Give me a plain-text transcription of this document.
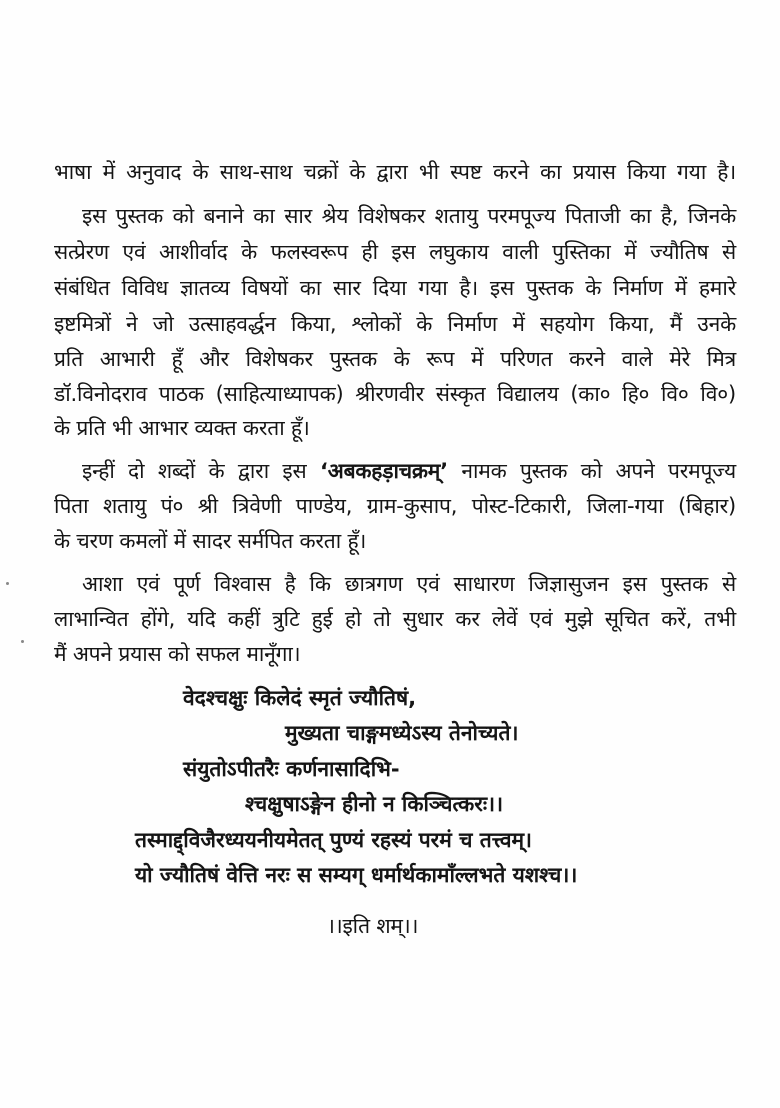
भाषा में अनुवाद के साथ-साथ चक्रों के द्वारा भी स्पष्ट करने का प्रयास किया गया है।
इस पुस्तक को बनाने का सार श्रेय विशेषकर शतायु परमपूज्य पिताजी का है, जिनके
सत्प्रेरण एवं आशीर्वाद के फलस्वरूप ही इस लघुकाय वाली पुस्तिका में ज्यौतिष से
संबंधित विविध ज्ञातव्य विषयों का सार दिया गया है। इस पुस्तक के निर्माण में हमारे
इष्टमित्रों ने जो उत्साहवर्द्धन किया, श्लोकों के निर्माण में सहयोग किया, मैं उनके
प्रति आभारी हूँ और विशेषकर पुस्तक के रूप में परिणत करने वाले मेरे मित्र
डॉ.विनोदराव पाठक (साहित्याध्यापक) श्रीरणवीर संस्कृत विद्यालय (का० हि० वि० वि०)
के प्रति भी आभार व्यक्त करता हूँ।
इन्हीं दो शब्दों के द्वारा इस ‘अबकहड़ाचक्रम्’ नामक पुस्तक को अपने परमपूज्य
पिता शतायु पं० श्री त्रिवेणी पाण्डेय, ग्राम-कुसाप, पोस्ट-टिकारी, जिला-गया (बिहार)
के चरण कमलों में सादर सर्मपित करता हूँ।
आशा एवं पूर्ण विश्वास है कि छात्रगण एवं साधारण जिज्ञासुजन इस पुस्तक से
लाभान्वित होंगे, यदि कहीं त्रुटि हुई हो तो सुधार कर लेवें एवं मुझे सूचित करें, तभी
मैं अपने प्रयास को सफल मानूँगा।
वेदश्चक्षुः किलेदं स्मृतं ज्यौतिषं,
मुख्यता चाङ्गमध्येऽस्य तेनोच्यते।
संयुतोऽपीतरैः कर्णनासादिभि-
श्चक्षुषाऽङ्गेन हीनो न किञ्चित्करः।।
तस्माद्द्विजैरध्ययनीयमेतत् पुण्यं रहस्यं परमं च तत्त्वम्।
यो ज्यौतिषं वेत्ति नरः स सम्यग् धर्मार्थकामाँल्लभते यशश्च।।
।।इति शम्।।
